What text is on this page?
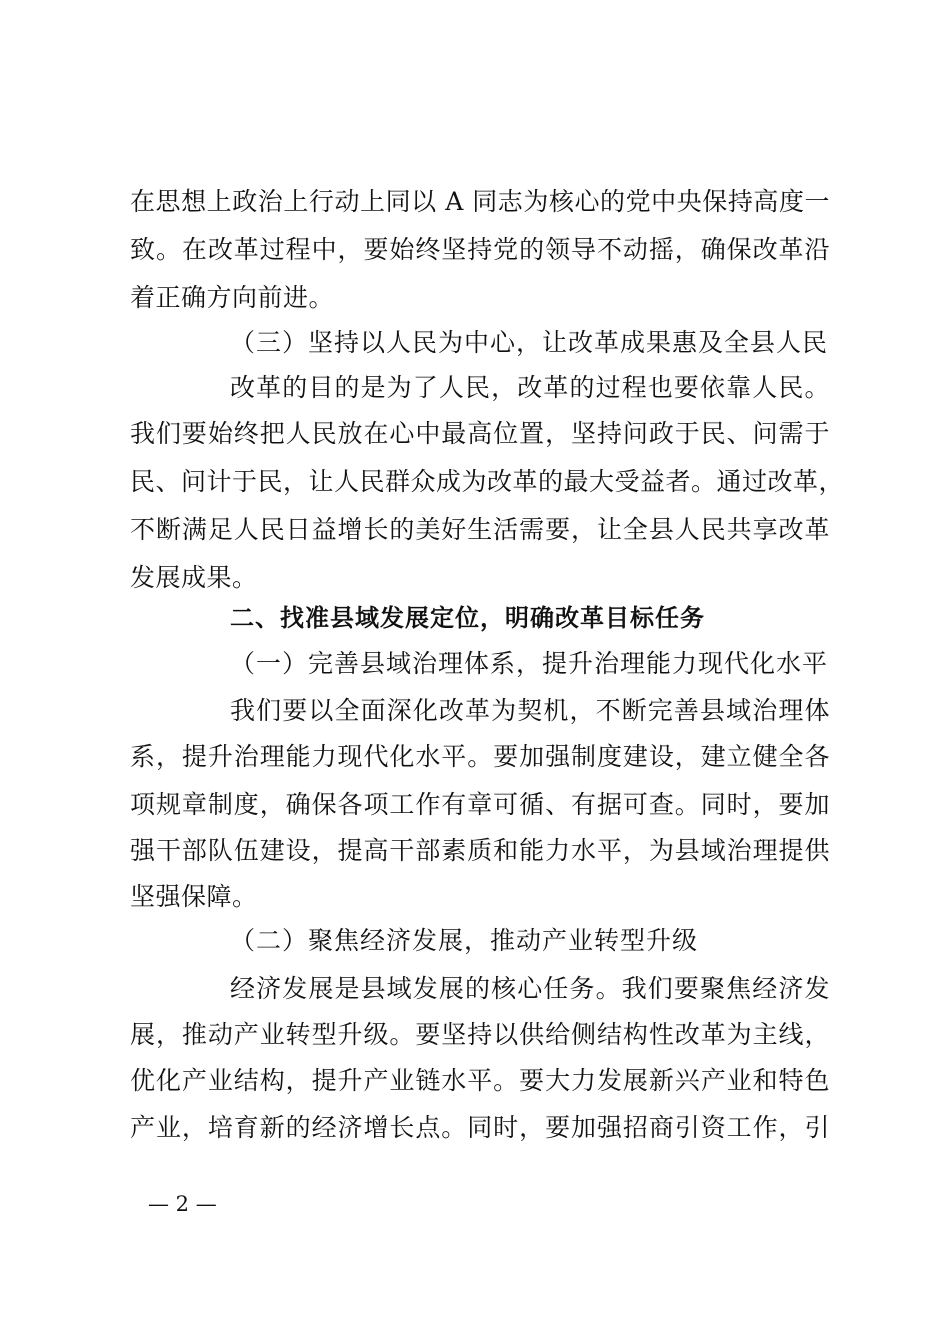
在思想上政治上行动上同以 A 同志为核心的党中央保持高度一
致。在改革过程中，要始终坚持党的领导不动摇，确保改革沿
着正确方向前进。
（三）坚持以人民为中心，让改革成果惠及全县人民
改革的目的是为了人民，改革的过程也要依靠人民。
我们要始终把人民放在心中最高位置，坚持问政于民、问需于
民、问计于民，让人民群众成为改革的最大受益者。通过改革，
不断满足人民日益增长的美好生活需要，让全县人民共享改革
发展成果。
二、找准县域发展定位，明确改革目标任务
（一）完善县域治理体系，提升治理能力现代化水平
我们要以全面深化改革为契机，不断完善县域治理体
系，提升治理能力现代化水平。要加强制度建设，建立健全各
项规章制度，确保各项工作有章可循、有据可查。同时，要加
强干部队伍建设，提高干部素质和能力水平，为县域治理提供
坚强保障。
（二）聚焦经济发展，推动产业转型升级
经济发展是县域发展的核心任务。我们要聚焦经济发
展，推动产业转型升级。要坚持以供给侧结构性改革为主线，
优化产业结构，提升产业链水平。要大力发展新兴产业和特色
产业，培育新的经济增长点。同时，要加强招商引资工作，引
— 2 —
